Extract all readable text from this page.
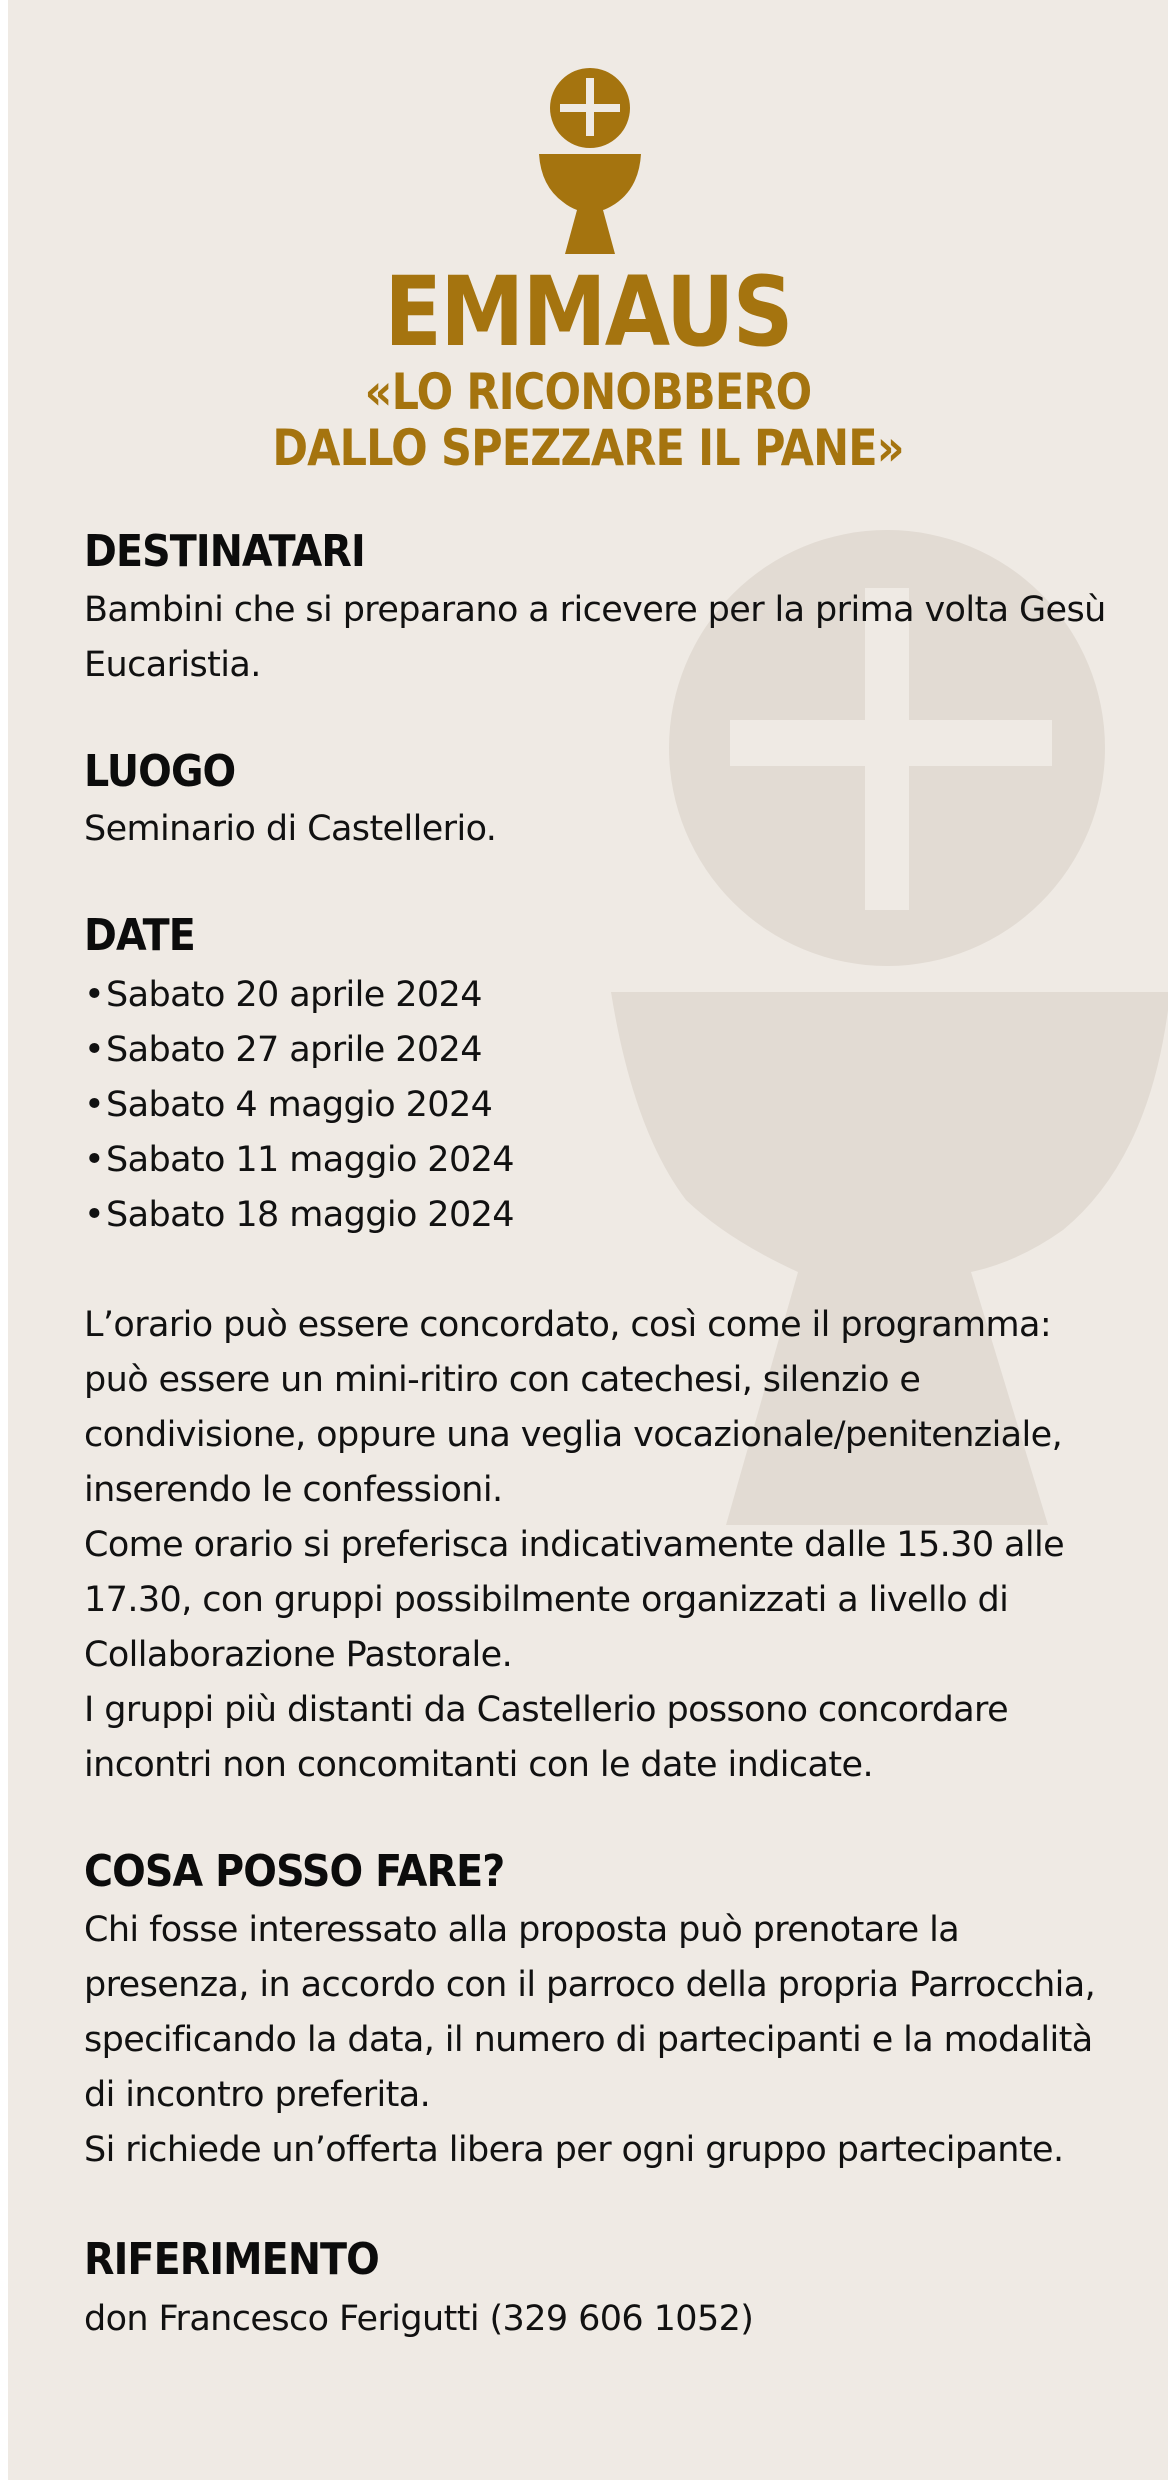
EMMAUS
«LO RICONOBBERO
DALLO SPEZZARE IL PANE»
DESTINATARI
Bambini che si preparano a ricevere per la prima volta Gesù
Eucaristia.
LUOGO
Seminario di Castellerio.
DATE
•Sabato 20 aprile 2024
•Sabato 27 aprile 2024
•Sabato 4 maggio 2024
•Sabato 11 maggio 2024
•Sabato 18 maggio 2024
L’orario può essere concordato, così come il programma:
può essere un mini-ritiro con catechesi, silenzio e
condivisione, oppure una veglia vocazionale/penitenziale,
inserendo le confessioni.
Come orario si preferisca indicativamente dalle 15.30 alle
17.30, con gruppi possibilmente organizzati a livello di
Collaborazione Pastorale.
I gruppi più distanti da Castellerio possono concordare
incontri non concomitanti con le date indicate.
COSA POSSO FARE?
Chi fosse interessato alla proposta può prenotare la
presenza, in accordo con il parroco della propria Parrocchia,
specificando la data, il numero di partecipanti e la modalità
di incontro preferita.
Si richiede un’offerta libera per ogni gruppo partecipante.
RIFERIMENTO
don Francesco Ferigutti (329 606 1052)
